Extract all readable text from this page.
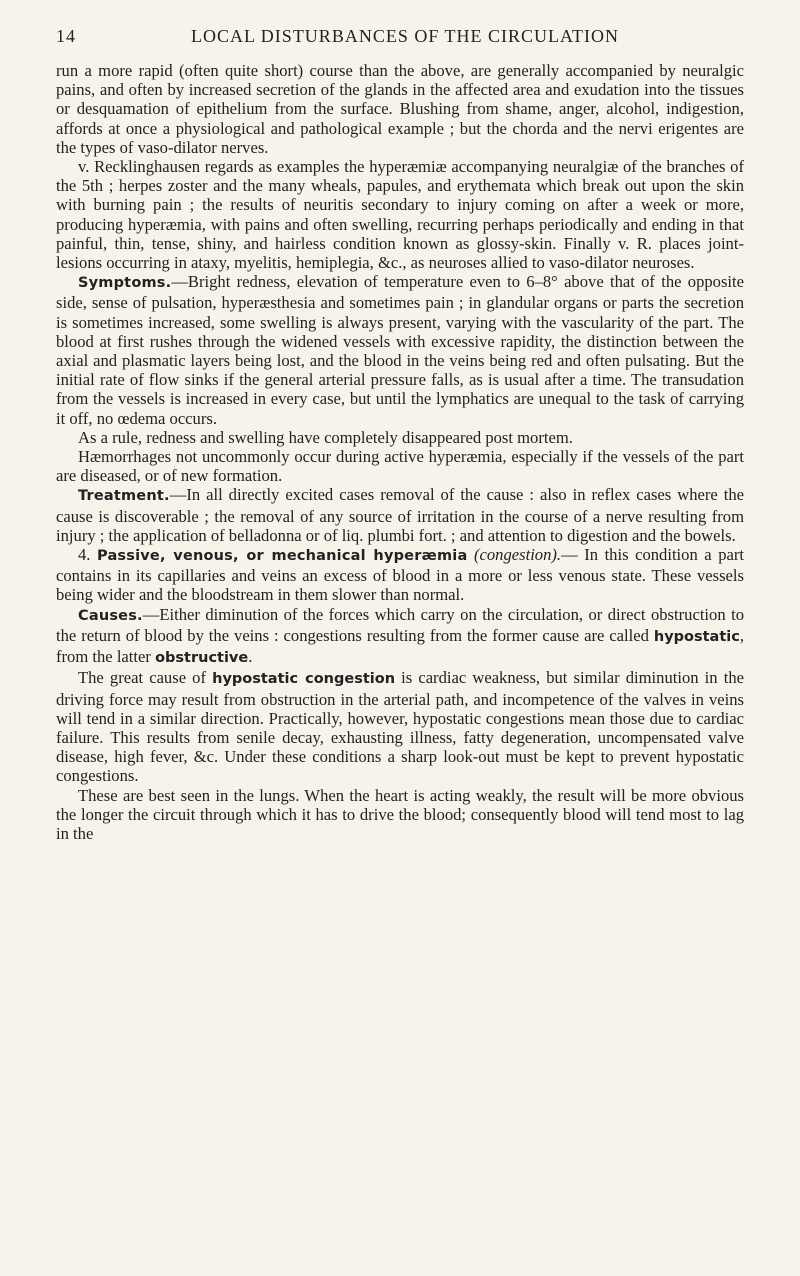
14	LOCAL DISTURBANCES OF THE CIRCULATION

run a more rapid (often quite short) course than the above, are generally accompanied by neuralgic pains, and often by increased secretion of the glands in the affected area and exudation into the tissues or desquamation of epithelium from the surface. Blushing from shame, anger, alcohol, indigestion, affords at once a physiological and pathological example ; but the chorda and the nervi erigentes are the types of vaso-dilator nerves.

v. Recklinghausen regards as examples the hyperæmiæ accompanying neuralgiæ of the branches of the 5th ; herpes zoster and the many wheals, papules, and erythemata which break out upon the skin with burning pain ; the results of neuritis secondary to injury coming on after a week or more, producing hyperæmia, with pains and often swelling, recurring perhaps periodically and ending in that painful, thin, tense, shiny, and hairless condition known as glossy-skin. Finally v. R. places joint-lesions occurring in ataxy, myelitis, hemiplegia, &c., as neuroses allied to vaso-dilator neuroses.

Symptoms.—Bright redness, elevation of temperature even to 6–8° above that of the opposite side, sense of pulsation, hyperæsthesia and sometimes pain ; in glandular organs or parts the secretion is sometimes increased, some swelling is always present, varying with the vascularity of the part. The blood at first rushes through the widened vessels with excessive rapidity, the distinction between the axial and plasmatic layers being lost, and the blood in the veins being red and often pulsating. But the initial rate of flow sinks if the general arterial pressure falls, as is usual after a time. The transudation from the vessels is increased in every case, but until the lymphatics are unequal to the task of carrying it off, no œdema occurs.

As a rule, redness and swelling have completely disappeared post mortem.

Hæmorrhages not uncommonly occur during active hyperæmia, especially if the vessels of the part are diseased, or of new formation.

Treatment.—In all directly excited cases removal of the cause : also in reflex cases where the cause is discoverable ; the removal of any source of irritation in the course of a nerve resulting from injury ; the application of belladonna or of liq. plumbi fort. ; and attention to digestion and the bowels.

4. Passive, venous, or mechanical hyperæmia (congestion).— In this condition a part contains in its capillaries and veins an excess of blood in a more or less venous state. These vessels being wider and the bloodstream in them slower than normal.

Causes.—Either diminution of the forces which carry on the circulation, or direct obstruction to the return of blood by the veins : congestions resulting from the former cause are called hypostatic, from the latter obstructive.

The great cause of hypostatic congestion is cardiac weakness, but similar diminution in the driving force may result from obstruction in the arterial path, and incompetence of the valves in veins will tend in a similar direction. Practically, however, hypostatic congestions mean those due to cardiac failure. This results from senile decay, exhausting illness, fatty degeneration, uncompensated valve disease, high fever, &c. Under these conditions a sharp look-out must be kept to prevent hypostatic congestions.

These are best seen in the lungs. When the heart is acting weakly, the result will be more obvious the longer the circuit through which it has to drive the blood; consequently blood will tend most to lag in the
